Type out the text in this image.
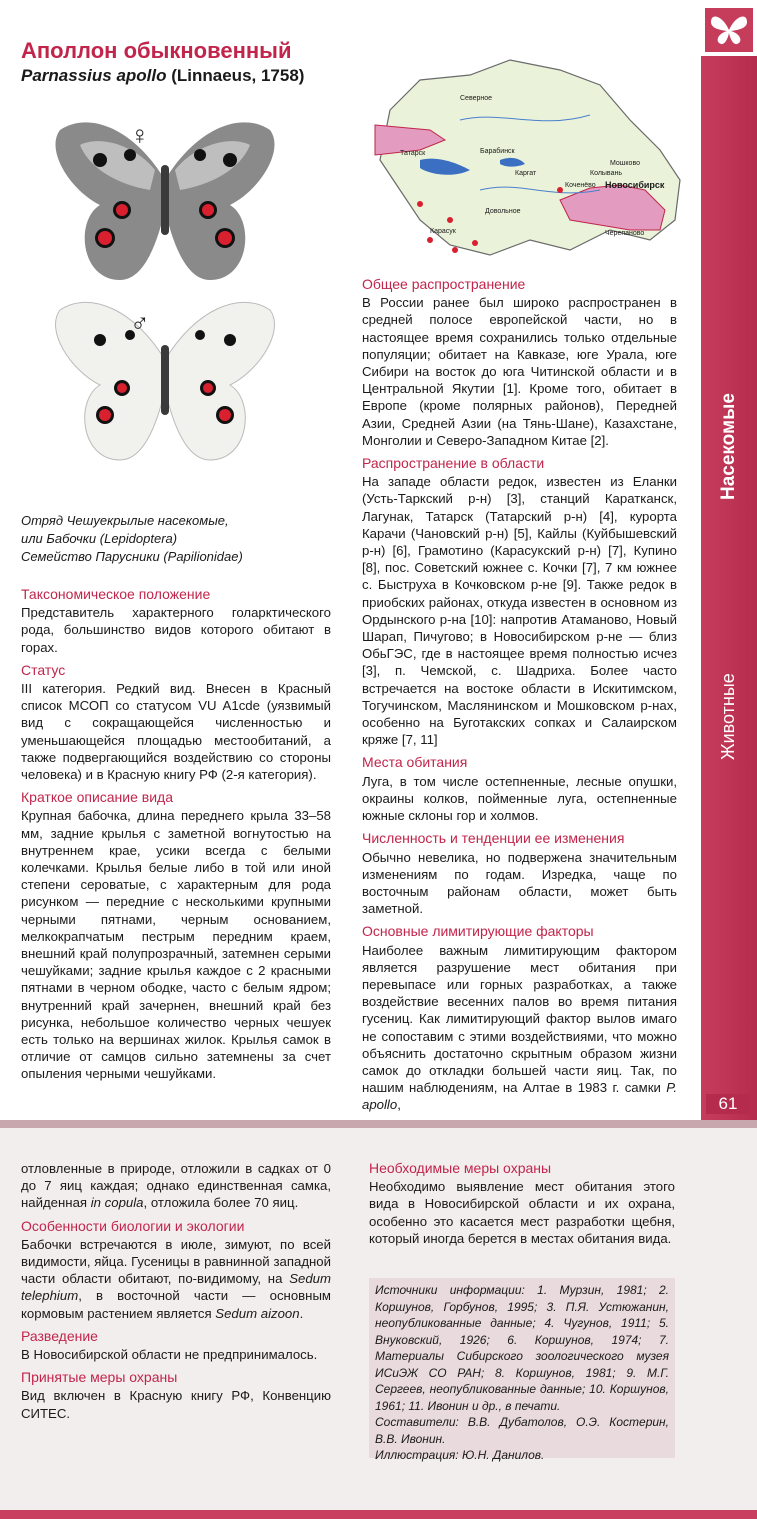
Насекомые
Животные
61
Аполлон обыкновенный
Parnassius apollo (Linnaeus, 1758)
♀
♂
Отряд Чешуекрылые насекомые,
или Бабочки (Lepidoptera)
Семейство Парусники (Papilionidae)
Северное
Барабинск
Татарск
Каргат
Мошково
Коченёво
Колывань
Новосибирск
Довольное
Карасук	Черепаново
Таксономическое положение

Представитель характерного голарктического рода, большинство видов которого обитают в горах.

Статус

III категория. Редкий вид. Внесен в Красный список МСОП со статусом VU A1cde (уязвимый вид с сокращающейся численностью и уменьшающейся площадью местообитаний, а также подвергающийся воздействию со стороны человека) и в Красную книгу РФ (2-я категория).

Краткое описание вида

Крупная бабочка, длина переднего крыла 33–58 мм, задние крылья с заметной вогнутостью на внутреннем крае, усики всегда с белыми колечками. Крылья белые либо в той или иной степени сероватые, с характерным для рода рисунком — передние с несколькими крупными черными пятнами, черным основанием, мелкокрапчатым пестрым передним краем, внешний край полупрозрачный, затемнен серыми чешуйками; задние крылья каждое с 2 красными пятнами в черном ободке, часто с белым ядром; внутренний край зачернен, внешний край без рисунка, небольшое количество черных чешуек есть только на вершинах жилок. Крылья самок в отличие от самцов сильно затемнены за счет опыления черными чешуйками.

Общее распространение

В России ранее был широко распространен в средней полосе европейской части, но в настоящее время сохранились только отдельные популяции; обитает на Кавказе, юге Урала, юге Сибири на восток до юга Читинской области и в Центральной Якутии [1]. Кроме того, обитает в Европе (кроме полярных районов), Передней Азии, Средней Азии (на Тянь-Шане), Казахстане, Монголии и Северо-Западном Китае [2].

Распространение в области

На западе области редок, известен из Еланки (Усть-Таркский р-н) [3], станций Каратканск, Лагунак, Татарск (Татарский р-н) [4], курорта Карачи (Чановский р-н) [5], Кайлы (Куйбышевский р-н) [6], Грамотино (Карасукский р-н) [7], Купино [8], пос. Советский южнее с. Кочки [7], 7 км южнее с. Быструха в Кочковском р-не [9]. Также редок в приобских районах, откуда известен в основном из Ордынского р-на [10]: напротив Атаманово, Новый Шарап, Пичугово; в Новосибирском р-не — близ ОбьГЭС, где в настоящее время полностью исчез [3], п. Чемской, с. Шадриха. Более часто встречается на востоке области в Искитимском, Тогучинском, Маслянинском и Мошковском р-нах, особенно на Буготакских сопках и Салаирском кряже [7, 11]

Места обитания

Луга, в том числе остепненные, лесные опушки, окраины колков, пойменные луга, остепненные южные склоны гор и холмов.

Численность и тенденции ее изменения

Обычно невелика, но подвержена значительным изменениям по годам. Изредка, чаще по восточным районам области, может быть заметной.

Основные лимитирующие факторы

Наиболее важным лимитирующим фактором является разрушение мест обитания при перевыпасе или горных разработках, а также воздействие весенних палов во время питания гусениц. Как лимитирующий фактор вылов имаго не сопоставим с этими воздействиями, что можно объяснить достаточно скрытным образом жизни самок до откладки большей части яиц. Так, по нашим наблюдениям, на Алтае в 1983 г. самки P. apollo,

отловленные в природе, отложили в садках от 0 до 7 яиц каждая; однако единственная самка, найденная in copula, отложила более 70 яиц.

Особенности биологии и экологии

Бабочки встречаются в июле, зимуют, по всей видимости, яйца. Гусеницы в равнинной западной части области обитают, по-видимому, на Sedum telephium, в восточной части — основным кормовым растением является Sedum aizoon.

Разведение

В Новосибирской области не предпринималось.

Принятые меры охраны

Вид включен в Красную книгу РФ, Конвенцию СИТЕС.

Необходимые меры охраны

Необходимо выявление мест обитания этого вида в Новосибирской области и их охрана, особенно это касается мест разработки щебня, который иногда берется в местах обитания вида.

Источники информации: 1. Мурзин, 1981; 2. Коршунов, Горбунов, 1995; 3. П.Я. Устюжанин, неопубликованные данные; 4. Чугунов, 1911; 5. Внуковский, 1926; 6. Коршунов, 1974; 7. Материалы Сибирского зоологического музея ИСиЭЖ СО РАН; 8. Коршунов, 1981; 9. М.Г. Сергеев, неопубликованные данные; 10. Коршунов, 1961; 11. Ивонин и др., в печати.

Составители: В.В. Дубатолов, О.Э. Костерин, В.В. Ивонин.

Иллюстрация: Ю.Н. Данилов.
